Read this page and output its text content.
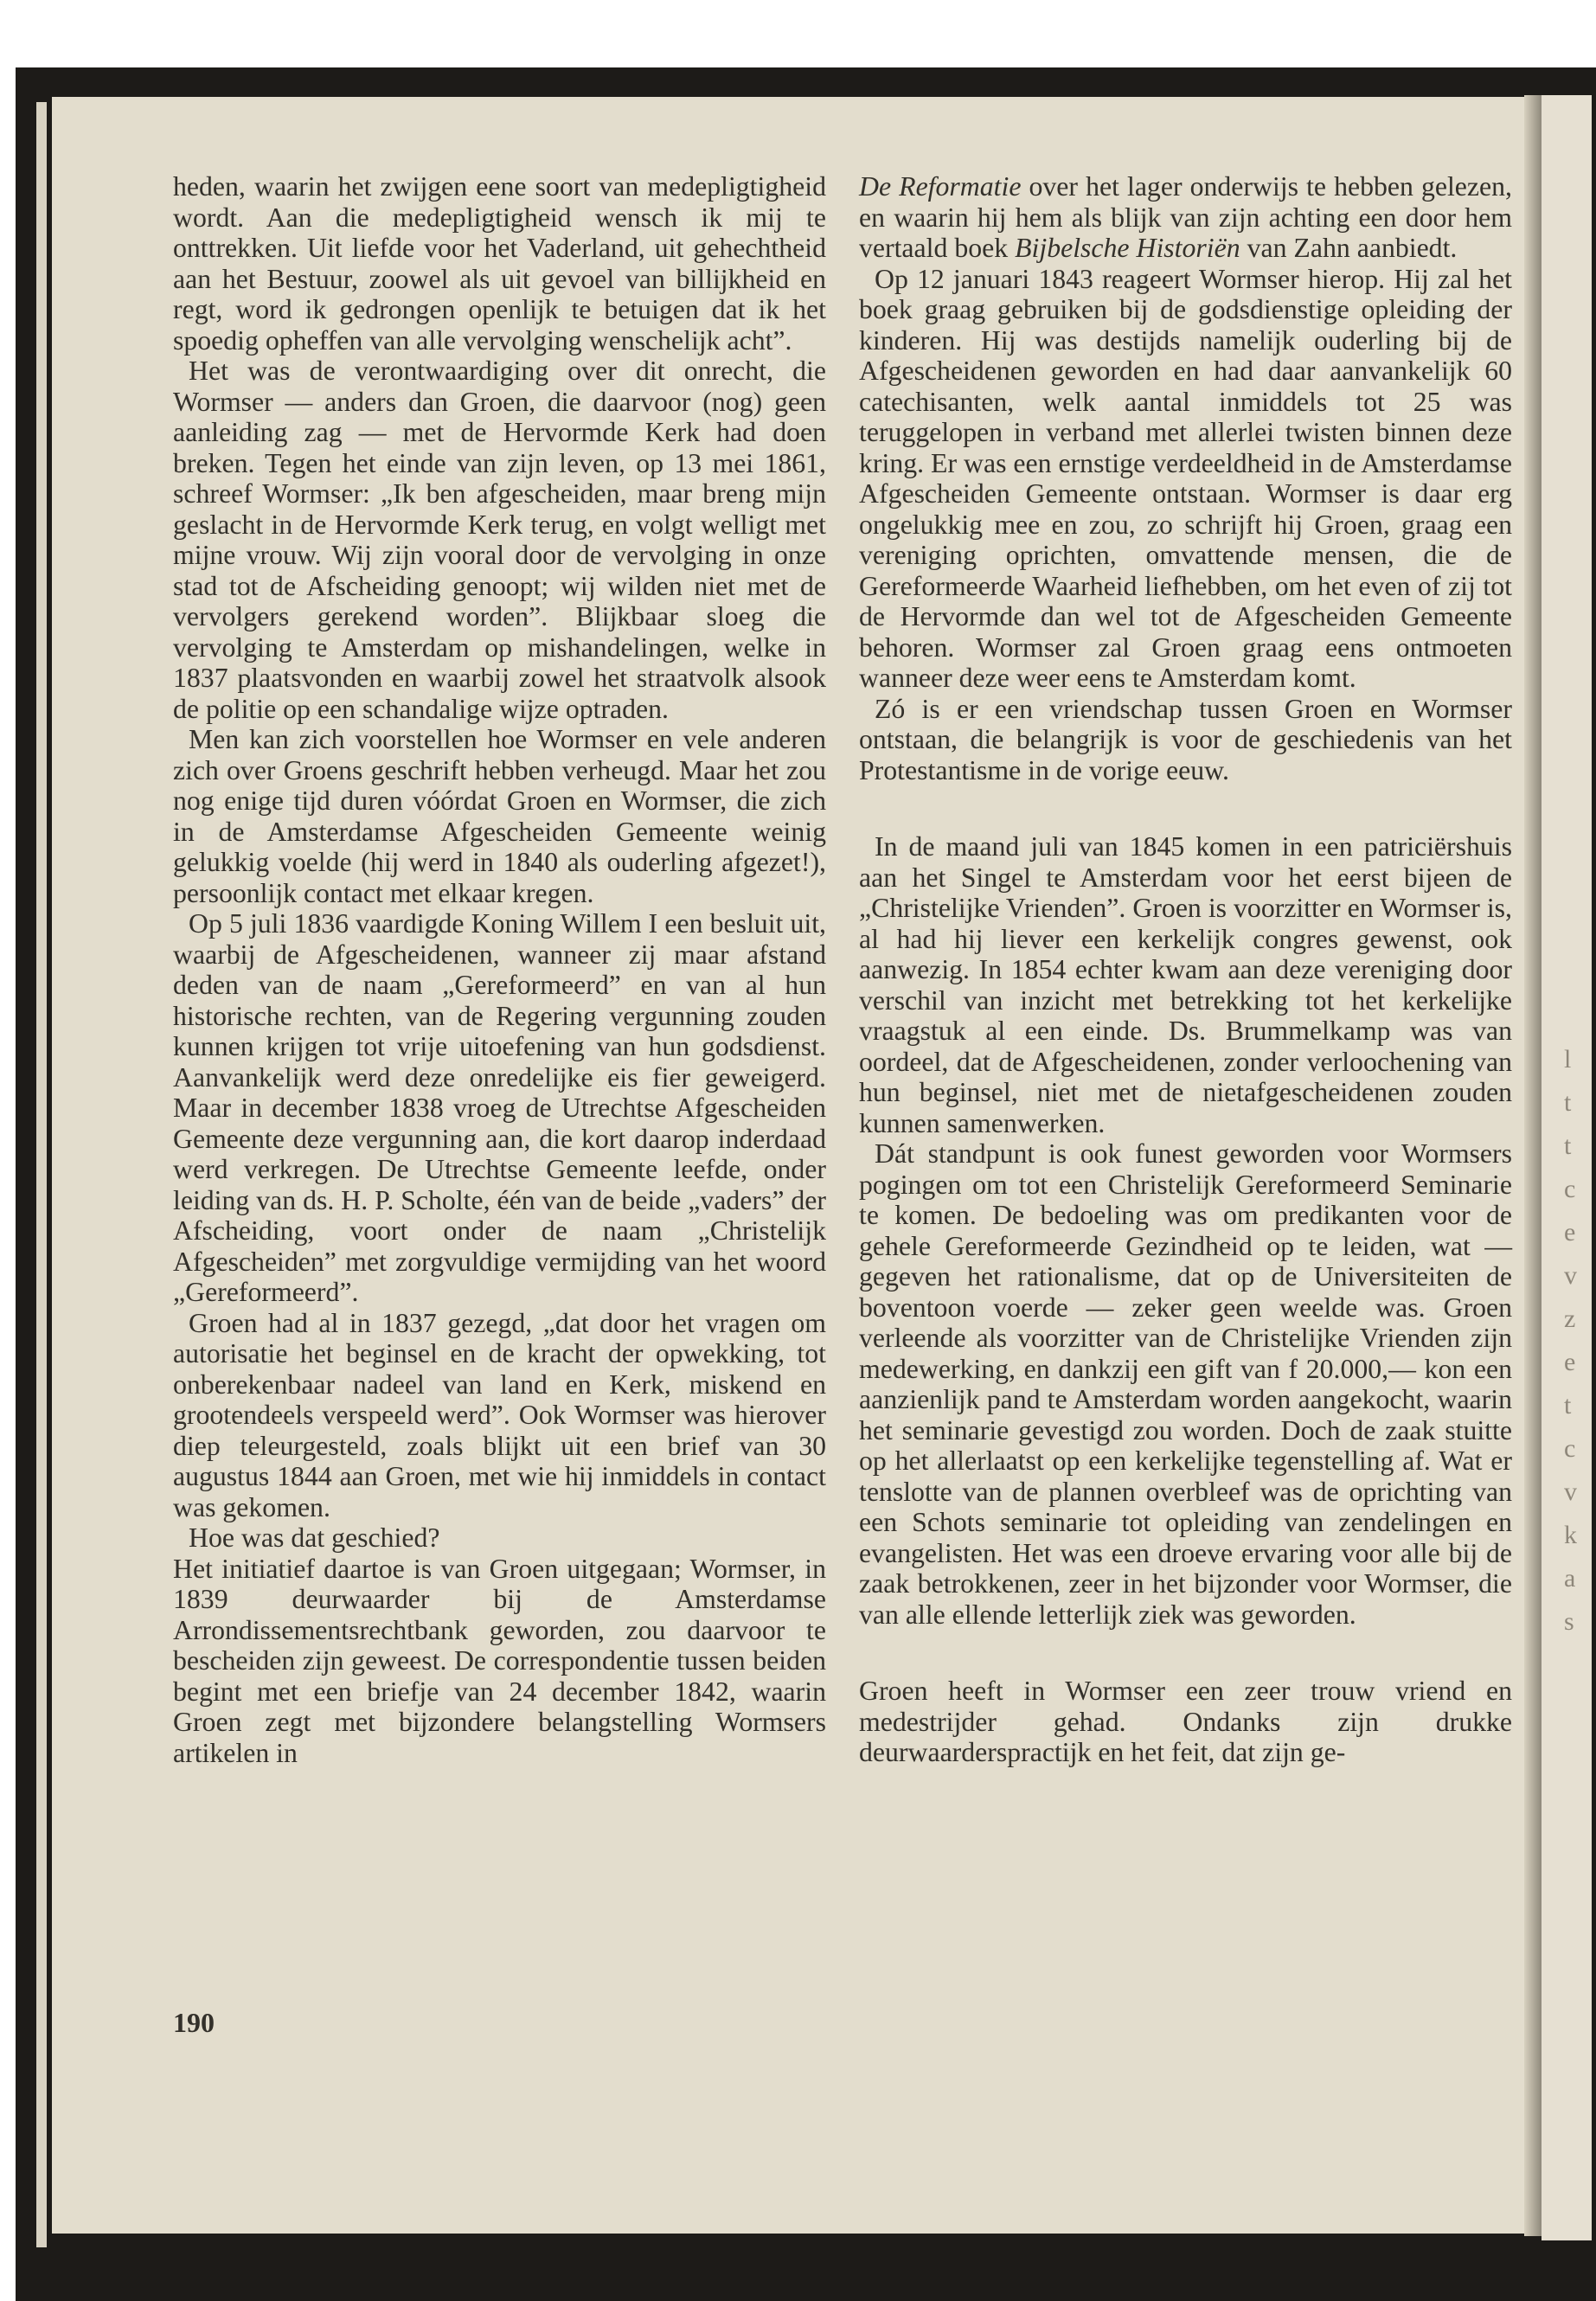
l
t
t
c
e
v
z
e
t
c
v
k
a
s

heden, waarin het zwijgen eene soort van medepligtigheid wordt. Aan die medepligtigheid wensch ik mij te onttrekken. Uit liefde voor het Vaderland, uit gehechtheid aan het Bestuur, zoowel als uit gevoel van billijkheid en regt, word ik gedrongen openlijk te betuigen dat ik het spoedig opheffen van alle vervolging wenschelijk acht”.

Het was de verontwaardiging over dit onrecht, die Wormser — anders dan Groen, die daarvoor (nog) geen aanleiding zag — met de Hervormde Kerk had doen breken. Tegen het einde van zijn leven, op 13 mei 1861, schreef Wormser: „Ik ben afgescheiden, maar breng mijn geslacht in de Hervormde Kerk terug, en volgt welligt met mijne vrouw. Wij zijn vooral door de vervolging in onze stad tot de Afscheiding genoopt; wij wilden niet met de vervolgers gerekend worden”. Blijkbaar sloeg die vervolging te Amsterdam op mishandelingen, welke in 1837 plaatsvonden en waarbij zowel het straatvolk alsook de politie op een schandalige wijze optraden.

Men kan zich voorstellen hoe Wormser en vele anderen zich over Groens geschrift hebben verheugd. Maar het zou nog enige tijd duren vóórdat Groen en Wormser, die zich in de Amsterdamse Afgescheiden Gemeente weinig gelukkig voelde (hij werd in 1840 als ouderling afgezet!), persoonlijk contact met elkaar kregen.

Op 5 juli 1836 vaardigde Koning Willem I een besluit uit, waarbij de Afgescheidenen, wanneer zij maar afstand deden van de naam „Gereformeerd” en van al hun historische rechten, van de Regering vergunning zouden kunnen krijgen tot vrije uitoefening van hun godsdienst. Aanvankelijk werd deze onredelijke eis fier geweigerd. Maar in december 1838 vroeg de Utrechtse Afgescheiden Gemeente deze vergunning aan, die kort daarop inderdaad werd verkregen. De Utrechtse Gemeente leefde, onder leiding van ds. H. P. Scholte, één van de beide „vaders” der Afscheiding, voort onder de naam „Christelijk Afgescheiden” met zorgvuldige vermijding van het woord „Gereformeerd”.

Groen had al in 1837 gezegd, „dat door het vragen om autorisatie het beginsel en de kracht der opwekking, tot onberekenbaar nadeel van land en Kerk, miskend en grootendeels verspeeld werd”. Ook Wormser was hierover diep teleurgesteld, zoals blijkt uit een brief van 30 augustus 1844 aan Groen, met wie hij inmiddels in contact was gekomen.

Hoe was dat geschied?

Het initiatief daartoe is van Groen uitgegaan; Wormser, in 1839 deurwaarder bij de Amsterdamse Arrondissementsrechtbank geworden, zou daarvoor te bescheiden zijn geweest. De correspondentie tussen beiden begint met een briefje van 24 december 1842, waarin Groen zegt met bijzondere belangstelling Wormsers artikelen in

De Reformatie over het lager onderwijs te hebben gelezen, en waarin hij hem als blijk van zijn achting een door hem vertaald boek Bijbelsche Historiën van Zahn aanbiedt.

Op 12 januari 1843 reageert Wormser hierop. Hij zal het boek graag gebruiken bij de godsdienstige opleiding der kinderen. Hij was destijds namelijk ouderling bij de Afgescheidenen geworden en had daar aanvankelijk 60 catechisanten, welk aantal inmiddels tot 25 was teruggelopen in verband met allerlei twisten binnen deze kring. Er was een ernstige verdeeldheid in de Amsterdamse Afgescheiden Gemeente ontstaan. Wormser is daar erg ongelukkig mee en zou, zo schrijft hij Groen, graag een vereniging oprichten, omvattende mensen, die de Gereformeerde Waarheid liefhebben, om het even of zij tot de Hervormde dan wel tot de Afgescheiden Gemeente behoren. Wormser zal Groen graag eens ontmoeten wanneer deze weer eens te Amsterdam komt.

Zó is er een vriendschap tussen Groen en Wormser ontstaan, die belangrijk is voor de geschiedenis van het Protestantisme in de vorige eeuw.

In de maand juli van 1845 komen in een patriciërshuis aan het Singel te Amsterdam voor het eerst bijeen de „Christelijke Vrienden”. Groen is voorzitter en Wormser is, al had hij liever een kerkelijk congres gewenst, ook aanwezig. In 1854 echter kwam aan deze vereniging door verschil van inzicht met betrekking tot het kerkelijke vraagstuk al een einde. Ds. Brummelkamp was van oordeel, dat de Afgescheidenen, zonder verloochening van hun beginsel, niet met de nietafgescheidenen zouden kunnen samenwerken.

Dát standpunt is ook funest geworden voor Wormsers pogingen om tot een Christelijk Gereformeerd Seminarie te komen. De bedoeling was om predikanten voor de gehele Gereformeerde Gezindheid op te leiden, wat — gegeven het rationalisme, dat op de Universiteiten de boventoon voerde — zeker geen weelde was. Groen verleende als voorzitter van de Christelijke Vrienden zijn medewerking, en dankzij een gift van f 20.000,— kon een aanzienlijk pand te Amsterdam worden aangekocht, waarin het seminarie gevestigd zou worden. Doch de zaak stuitte op het allerlaatst op een kerkelijke tegenstelling af. Wat er tenslotte van de plannen overbleef was de oprichting van een Schots seminarie tot opleiding van zendelingen en evangelisten. Het was een droeve ervaring voor alle bij de zaak betrokkenen, zeer in het bijzonder voor Wormser, die van alle ellende letterlijk ziek was geworden.

Groen heeft in Wormser een zeer trouw vriend en medestrijder gehad. Ondanks zijn drukke deurwaarderspractijk en het feit, dat zijn ge-

190
